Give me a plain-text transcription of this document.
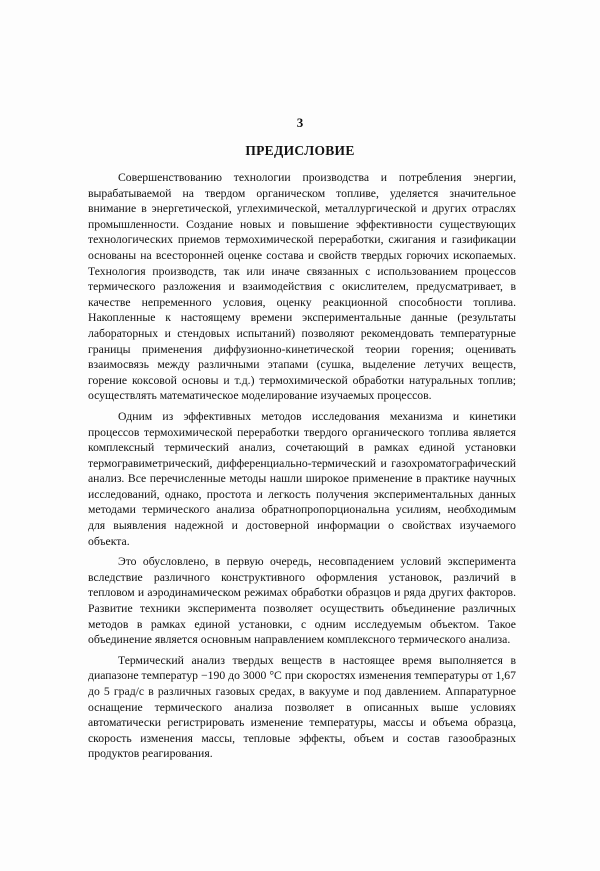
3
ПРЕДИСЛОВИЕ

Совершенствованию технологии производства и потребления энергии, вырабатываемой на твердом органическом топливе, уделяется значительное внимание в энергетической, углехимической, металлургической и других отраслях промышленности. Создание новых и повышение эффективности существующих технологических приемов термохимической переработки, сжигания и газификации основаны на всесторонней оценке состава и свойств твердых горючих ископаемых. Технология производств, так или иначе связанных с использованием процессов термического разложения и взаимодействия с окислителем, предусматривает, в качестве непременного условия, оценку реакционной способности топлива. Накопленные к настоящему времени экспериментальные данные (результаты лабораторных и стендовых испытаний) позволяют рекомендовать температурные границы применения диффузионно-кинетической теории горения; оценивать взаимосвязь между различными этапами (сушка, выделение летучих веществ, горение коксовой основы и т.д.) термохимической обработки натуральных топлив; осуществлять математическое моделирование изучаемых процессов.

Одним из эффективных методов исследования механизма и кинетики процессов термохимической переработки твердого органического топлива является комплексный термический анализ, сочетающий в рамках единой установки термогравиметрический, дифференциально-термический и газохроматографический анализ. Все перечисленные методы нашли широкое применение в практике научных исследований, однако, простота и легкость получения экспериментальных данных методами термического анализа обратнопропорциональна усилиям, необходимым для выявления надежной и достоверной информации о свойствах изучаемого объекта.

Это обусловлено, в первую очередь, несовпадением условий эксперимента вследствие различного конструктивного оформления установок, различий в тепловом и аэродинамическом режимах обработки образцов и ряда других факторов. Развитие техники эксперимента позволяет осуществить объединение различных методов в рамках единой установки, с одним исследуемым объектом. Такое объединение является основным направлением комплексного термического анализа.

Термический анализ твердых веществ в настоящее время выполняется в диапазоне температур −190 до 3000 °С при скоростях изменения температуры от 1,67 до 5 град/с в различных газовых средах, в вакууме и под давлением. Аппаратурное оснащение термического анализа позволяет в описанных выше условиях автоматически регистрировать изменение температуры, массы и объема образца, скорость изменения массы, тепловые эффекты, объем и состав газообразных продуктов реагирования.
